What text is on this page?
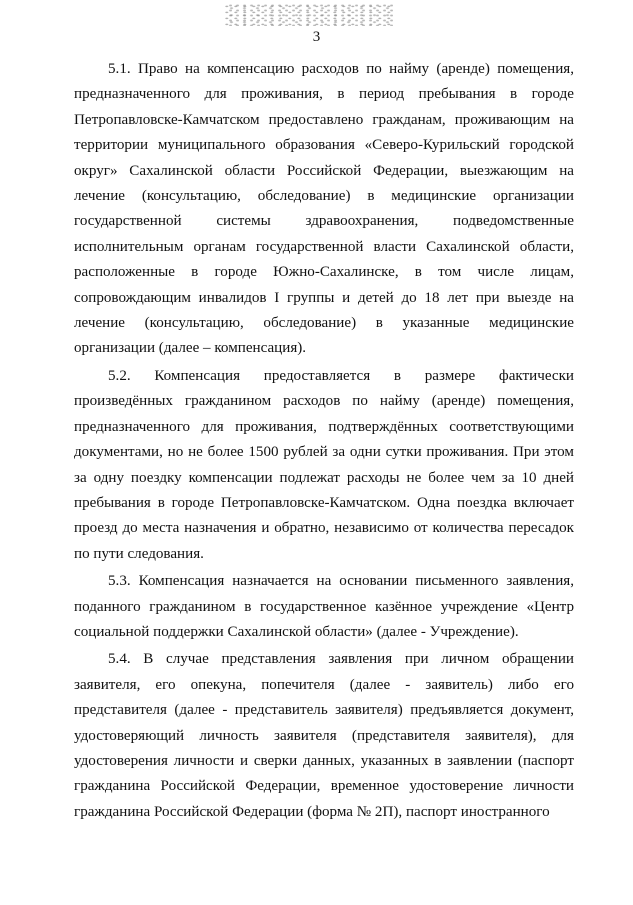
3

5.1. Право на компенсацию расходов по найму (аренде) помещения, предназначенного для проживания, в период пребывания в городе Петропавловске-Камчатском предоставлено гражданам, проживающим на территории муниципального образования «Северо-Курильский городской округ» Сахалинской области Российской Федерации, выезжающим на лечение (консультацию, обследование) в медицинские организации государственной системы здравоохранения, подведомственные исполнительным органам государственной власти Сахалинской области, расположенные в городе Южно-Сахалинске, в том числе лицам, сопровождающим инвалидов I группы и детей до 18 лет при выезде на лечение (консультацию, обследование) в указанные медицинские организации (далее – компенсация).

5.2. Компенсация предоставляется в размере фактически произведённых гражданином расходов по найму (аренде) помещения, предназначенного для проживания, подтверждённых соответствующими документами, но не более 1500 рублей за одни сутки проживания. При этом за одну поездку компенсации подлежат расходы не более чем за 10 дней пребывания в городе Петропавловске-Камчатском. Одна поездка включает проезд до места назначения и обратно, независимо от количества пересадок по пути следования.

5.3. Компенсация назначается на основании письменного заявления, поданного гражданином в государственное казённое учреждение «Центр социальной поддержки Сахалинской области» (далее - Учреждение).

5.4. В случае представления заявления при личном обращении заявителя, его опекуна, попечителя (далее - заявитель) либо его представителя (далее - представитель заявителя) предъявляется документ, удостоверяющий личность заявителя (представителя заявителя), для удостоверения личности и сверки данных, указанных в заявлении (паспорт гражданина Российской Федерации, временное удостоверение личности гражданина Российской Федерации (форма № 2П), паспорт иностранного
